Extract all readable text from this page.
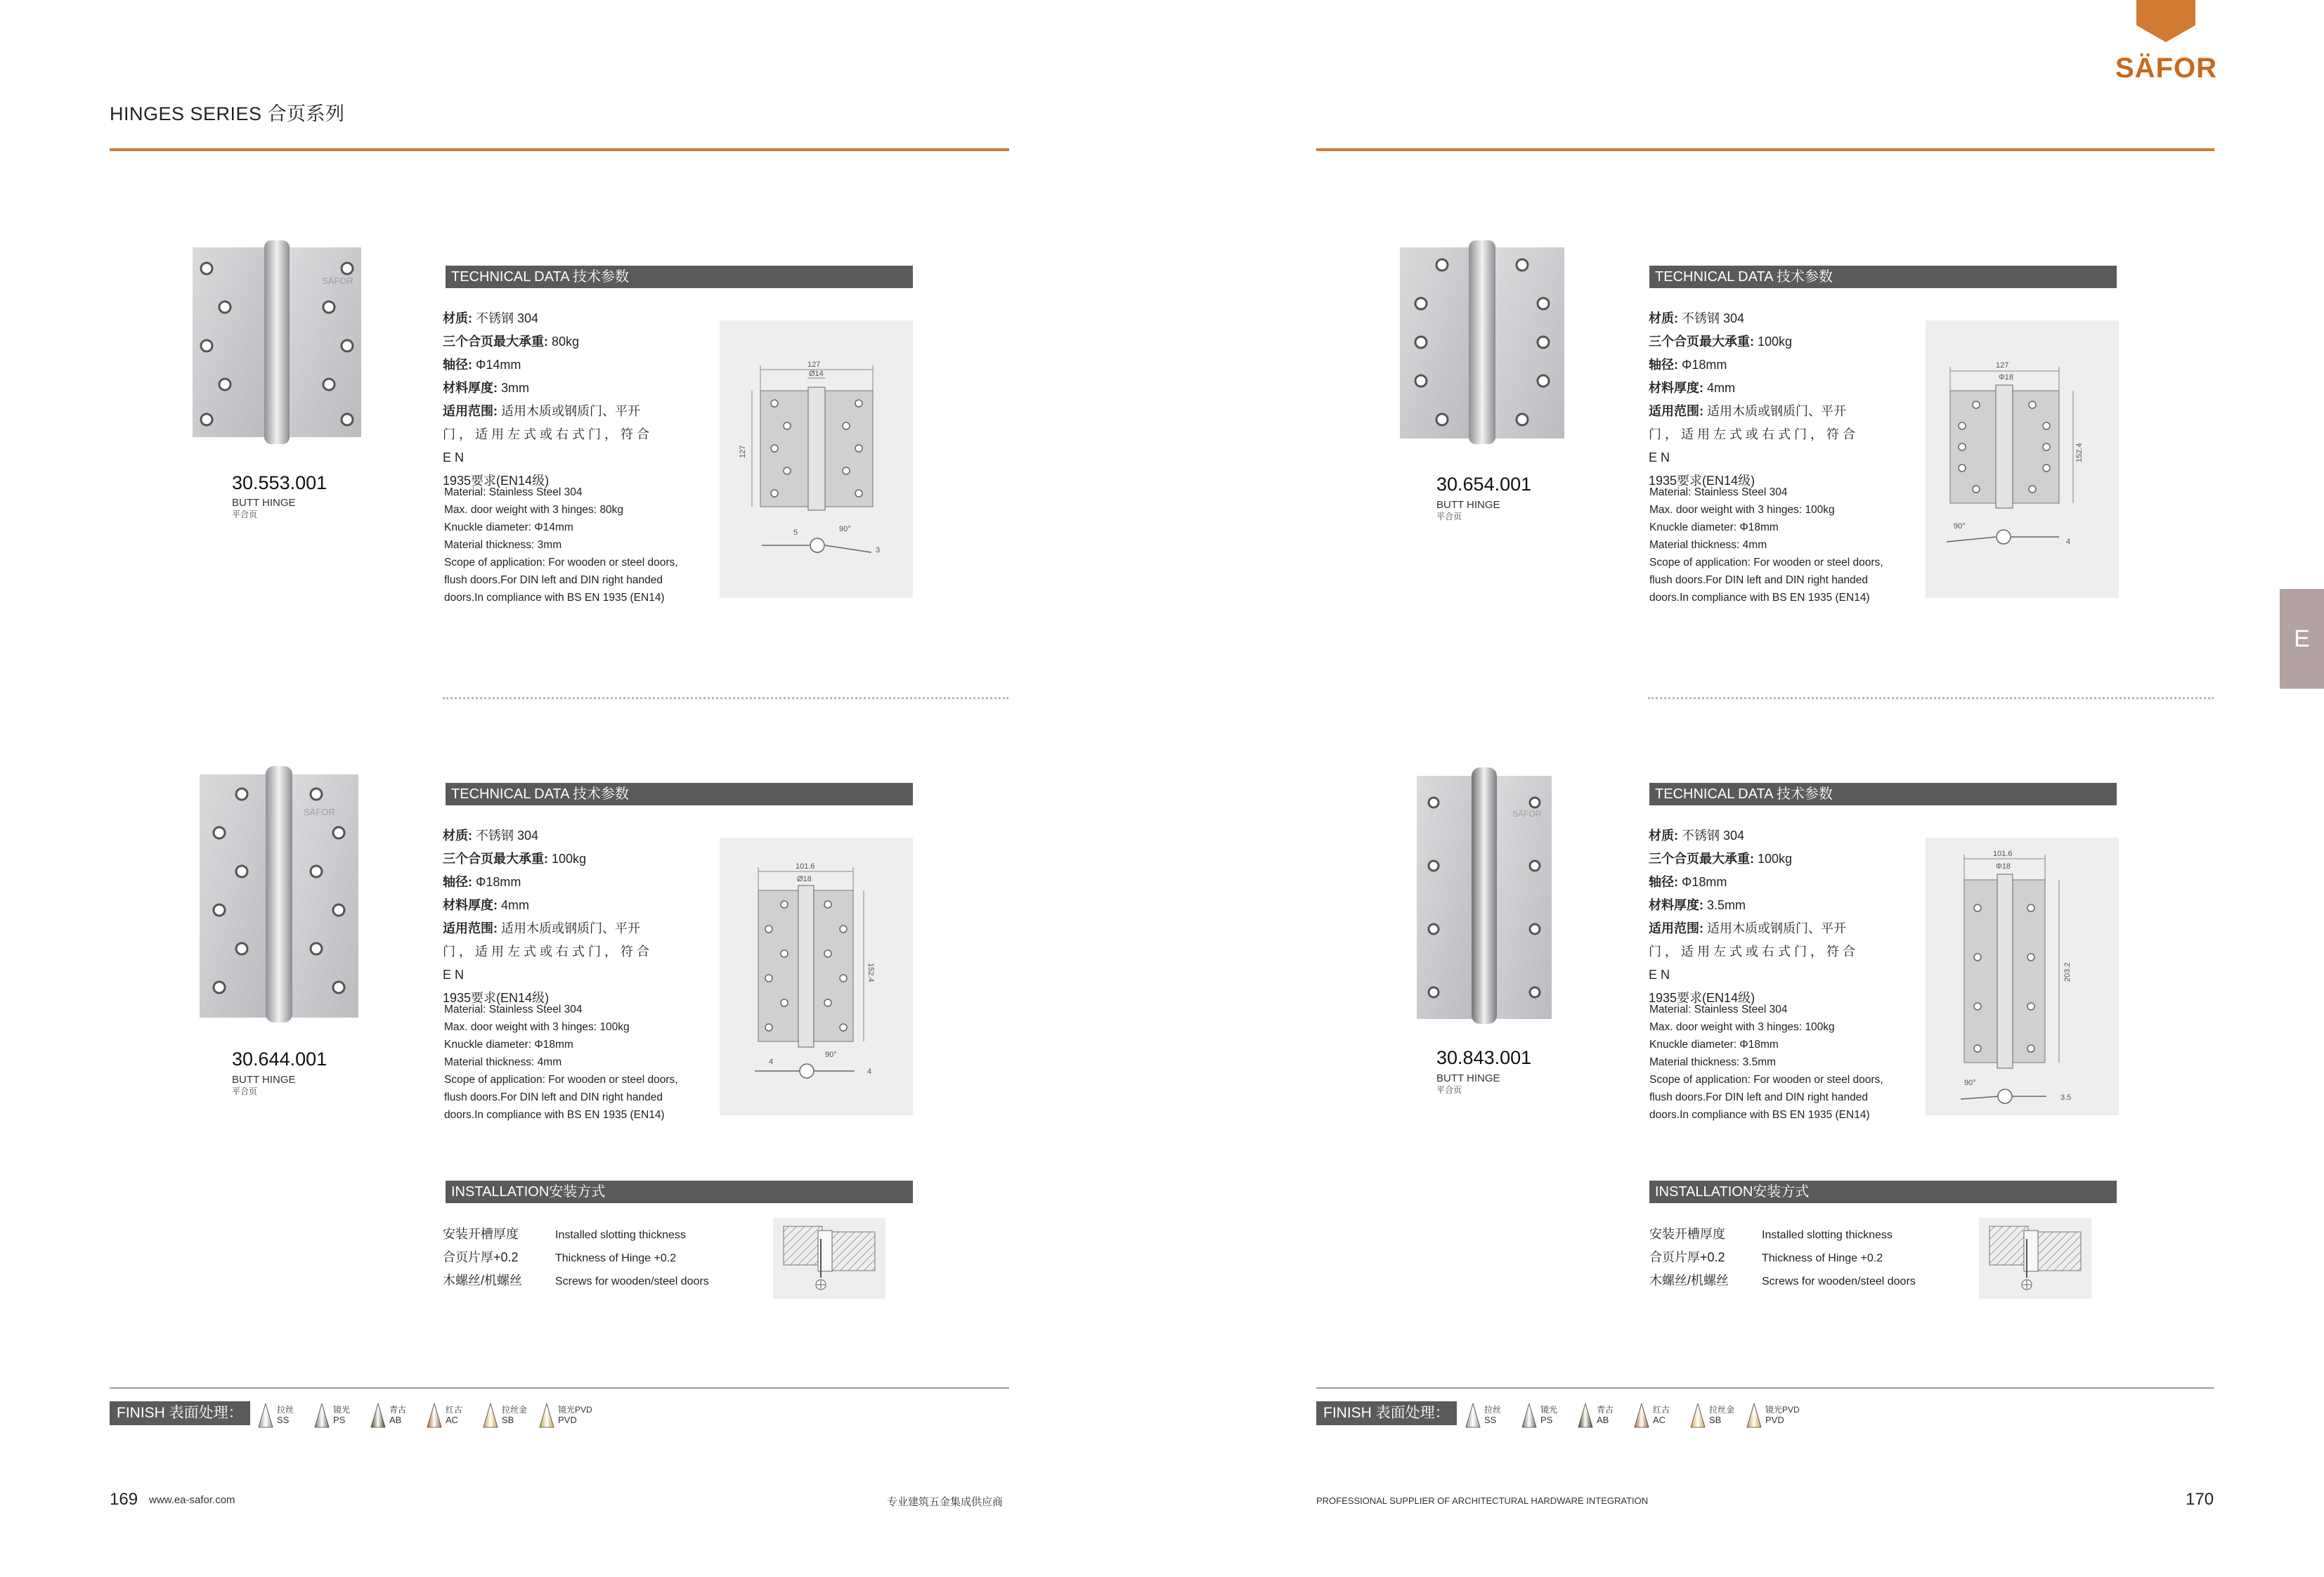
HINGES SERIES 合页系列
SÄFOR
E
SÄFOR
30.553.001
BUTT HINGE
平合页
TECHNICAL DATA 技术参数
材质: 不锈钢 304
三个合页最大承重: 80kg
轴径: Φ14mm
材料厚度: 3mm
适用范围: 适用木质或钢质门、平开
门，适用左式或右式门，符合EN
1935要求(EN14级)
Material: Stainless Steel 304
Max. door weight with 3 hinges: 80kg
Knuckle diameter: Φ14mm
Material thickness: 3mm
Scope of application: For wooden or steel doors,
flush doors.For DIN left and DIN right handed
doors.In compliance with BS EN 1935 (EN14)
127
Ø14
127
90°
3
5
30.654.001
BUTT HINGE
平合页
TECHNICAL DATA 技术参数
材质: 不锈钢 304
三个合页最大承重: 100kg
轴径: Φ18mm
材料厚度: 4mm
适用范围: 适用木质或钢质门、平开
门，适用左式或右式门，符合EN
1935要求(EN14级)
Material: Stainless Steel 304
Max. door weight with 3 hinges: 100kg
Knuckle diameter: Φ18mm
Material thickness: 4mm
Scope of application: For wooden or steel doors,
flush doors.For DIN left and DIN right handed
doors.In compliance with BS EN 1935 (EN14)
127
Φ18
152.4
90°
4
SÄFOR
30.644.001
BUTT HINGE
平合页
TECHNICAL DATA 技术参数
材质: 不锈钢 304
三个合页最大承重: 100kg
轴径: Φ18mm
材料厚度: 4mm
适用范围: 适用木质或钢质门、平开
门，适用左式或右式门，符合EN
1935要求(EN14级)
Material: Stainless Steel 304
Max. door weight with 3 hinges: 100kg
Knuckle diameter: Φ18mm
Material thickness: 4mm
Scope of application: For wooden or steel doors,
flush doors.For DIN left and DIN right handed
doors.In compliance with BS EN 1935 (EN14)
101.6
Ø18
152.4
90°
4
4
SÄFOR
30.843.001
BUTT HINGE
平合页
TECHNICAL DATA 技术参数
材质: 不锈钢 304
三个合页最大承重: 100kg
轴径: Φ18mm
材料厚度: 3.5mm
适用范围: 适用木质或钢质门、平开
门，适用左式或右式门，符合EN
1935要求(EN14级)
Material: Stainless Steel 304
Max. door weight with 3 hinges: 100kg
Knuckle diameter: Φ18mm
Material thickness: 3.5mm
Scope of application: For wooden or steel doors,
flush doors.For DIN left and DIN right handed
doors.In compliance with BS EN 1935 (EN14)
101.6
Φ18
203.2
90°
3.5
INSTALLATION安装方式
安装开槽厚度	Installed slotting thickness
合页片厚+0.2	Thickness of Hinge +0.2
木螺丝/机螺丝	Screws for wooden/steel doors
INSTALLATION安装方式
安装开槽厚度	Installed slotting thickness
合页片厚+0.2	Thickness of Hinge +0.2
木螺丝/机螺丝	Screws for wooden/steel doors
FINISH 表面处理：	FINISH 表面处理：
拉丝
SS
镜光
PS
青古
AB
红古
AC
拉丝金
SB
镜光PVD
PVD
拉丝
SS
镜光
PS
青古
AB
红古
AC
拉丝金
SB
镜光PVD
PVD
169 www.ea-safor.com	专业建筑五金集成供应商	PROFESSIONAL SUPPLIER OF ARCHITECTURAL HARDWARE INTEGRATION	170
